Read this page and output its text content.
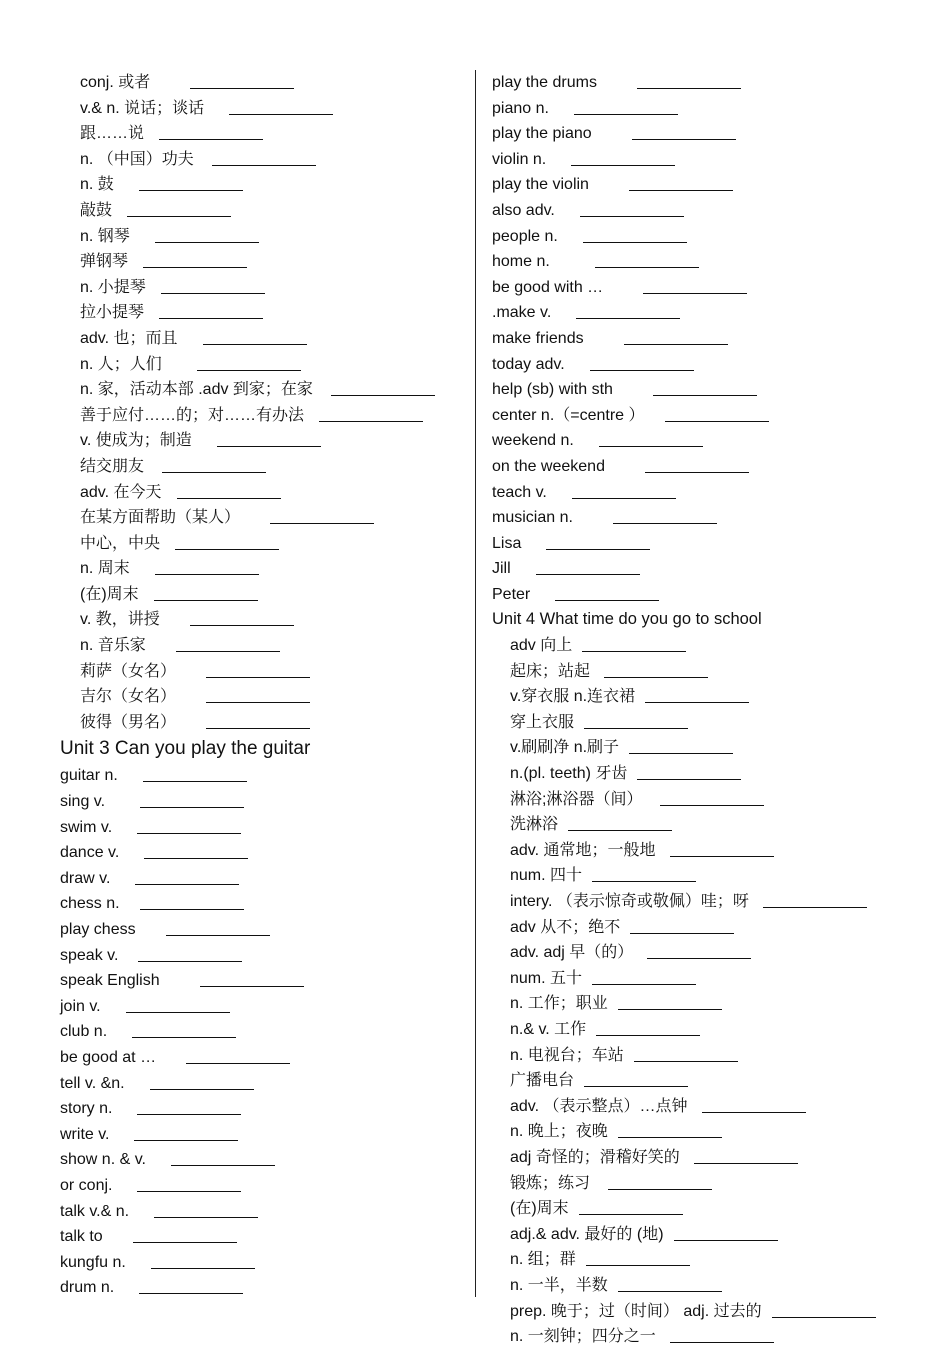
conj. 或者
v.& n. 说话；谈话
跟……说
n. （中国）功夫
n. 鼓
敲鼓
n. 钢琴
弹钢琴
n. 小提琴
拉小提琴
adv. 也；而且
n. 人；人们
n. 家，活动本部 .adv 到家；在家
善于应付……的；对……有办法
v. 使成为；制造
结交朋友
adv. 在今天
在某方面帮助（某人）
中心，中央
n. 周末
(在)周末
v. 教，讲授
n. 音乐家
莉萨（女名）
吉尔（女名）
彼得（男名）
Unit 3 Can you play the guitar
guitar n.
sing v.
swim v.
dance v.
draw v.
chess n.
play chess
speak v.
speak English
join v.
club n.
be good at …
tell v. &n.
story n.
write v.
show n. & v.
or conj.
talk v.& n.
talk to
kungfu n.
drum n.
play the drums
piano n.
play the piano
violin n.
play the violin
also adv.
people n.
home n.
be good with …
.make v.
make friends
today adv.
help (sb) with sth
center n.（=centre ）
weekend n.
on the weekend
teach v.
musician n.
Lisa
Jill
Peter
Unit 4 What time do you go to school
adv 向上
起床；站起
v.穿衣服 n.连衣裙
穿上衣服
v.刷刷净 n.刷子
n.(pl. teeth) 牙齿
淋浴;淋浴器（间）
洗淋浴
adv. 通常地；一般地
num. 四十
intery. （表示惊奇或敬佩）哇；呀
adv 从不；绝不
adv. adj 早（的）
num. 五十
n. 工作；职业
n.& v. 工作
n. 电视台；车站
广播电台
adv. （表示整点）…点钟
n. 晚上；夜晚
adj 奇怪的；滑稽好笑的
锻炼；练习
(在)周末
adj.& adv. 最好的 (地)
n. 组；群
n. 一半，半数
prep. 晚于；过（时间） adj. 过去的
n. 一刻钟；四分之一
